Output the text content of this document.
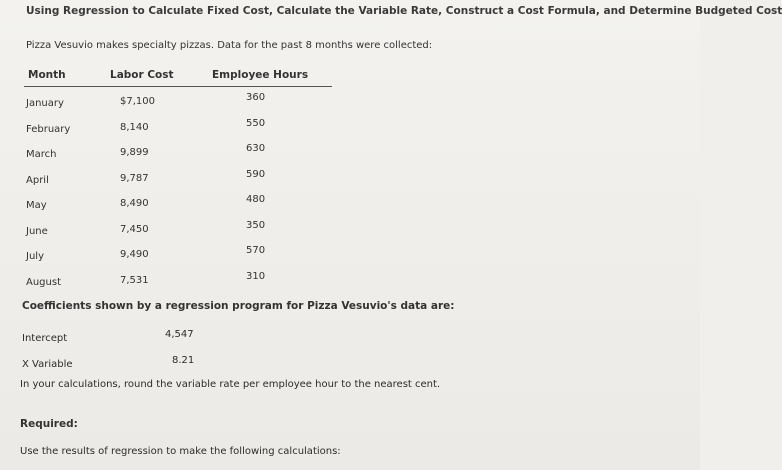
Using Regression to Calculate Fixed Cost, Calculate the Variable Rate, Construct a Cost Formula, and Determine Budgeted Cost
Pizza Vesuvio makes specialty pizzas. Data for the past 8 months were collected:
Month	Labor Cost	Employee Hours
January	$7,100	360
February	8,140	550
March	9,899	630
April	9,787	590
May	8,490	480
June	7,450	350
July	9,490	570
August	7,531	310
Coefficients shown by a regression program for Pizza Vesuvio's data are:
Intercept	4,547
X Variable	8.21
In your calculations, round the variable rate per employee hour to the nearest cent.
Required:
Use the results of regression to make the following calculations:
